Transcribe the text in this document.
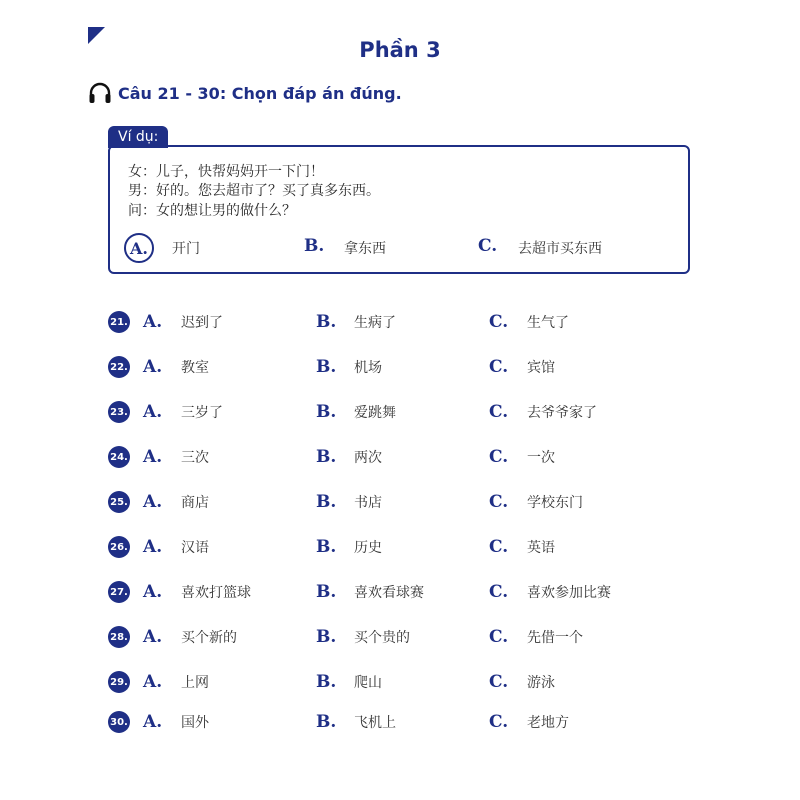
Phần 3
Câu 21 - 30: Chọn đáp án đúng.
女：儿子，快帮妈妈开一下门！
男：好的。您去超市了？买了真多东西。
问：女的想让男的做什么？
A. 开门	B. 拿东西	C. 去超市买东西
Ví dụ:
21. A. 迟到了	B. 生病了	C. 生气了
22. A. 教室	B. 机场	C. 宾馆
23. A. 三岁了	B. 爱跳舞	C. 去爷爷家了
24. A. 三次	B. 两次	C. 一次
25. A. 商店	B. 书店	C. 学校东门
26. A. 汉语	B. 历史	C. 英语
27. A. 喜欢打篮球	B. 喜欢看球赛	C. 喜欢参加比赛
28. A. 买个新的	B. 买个贵的	C. 先借一个
29. A. 上网	B. 爬山	C. 游泳
30. A. 国外	B. 飞机上	C. 老地方
